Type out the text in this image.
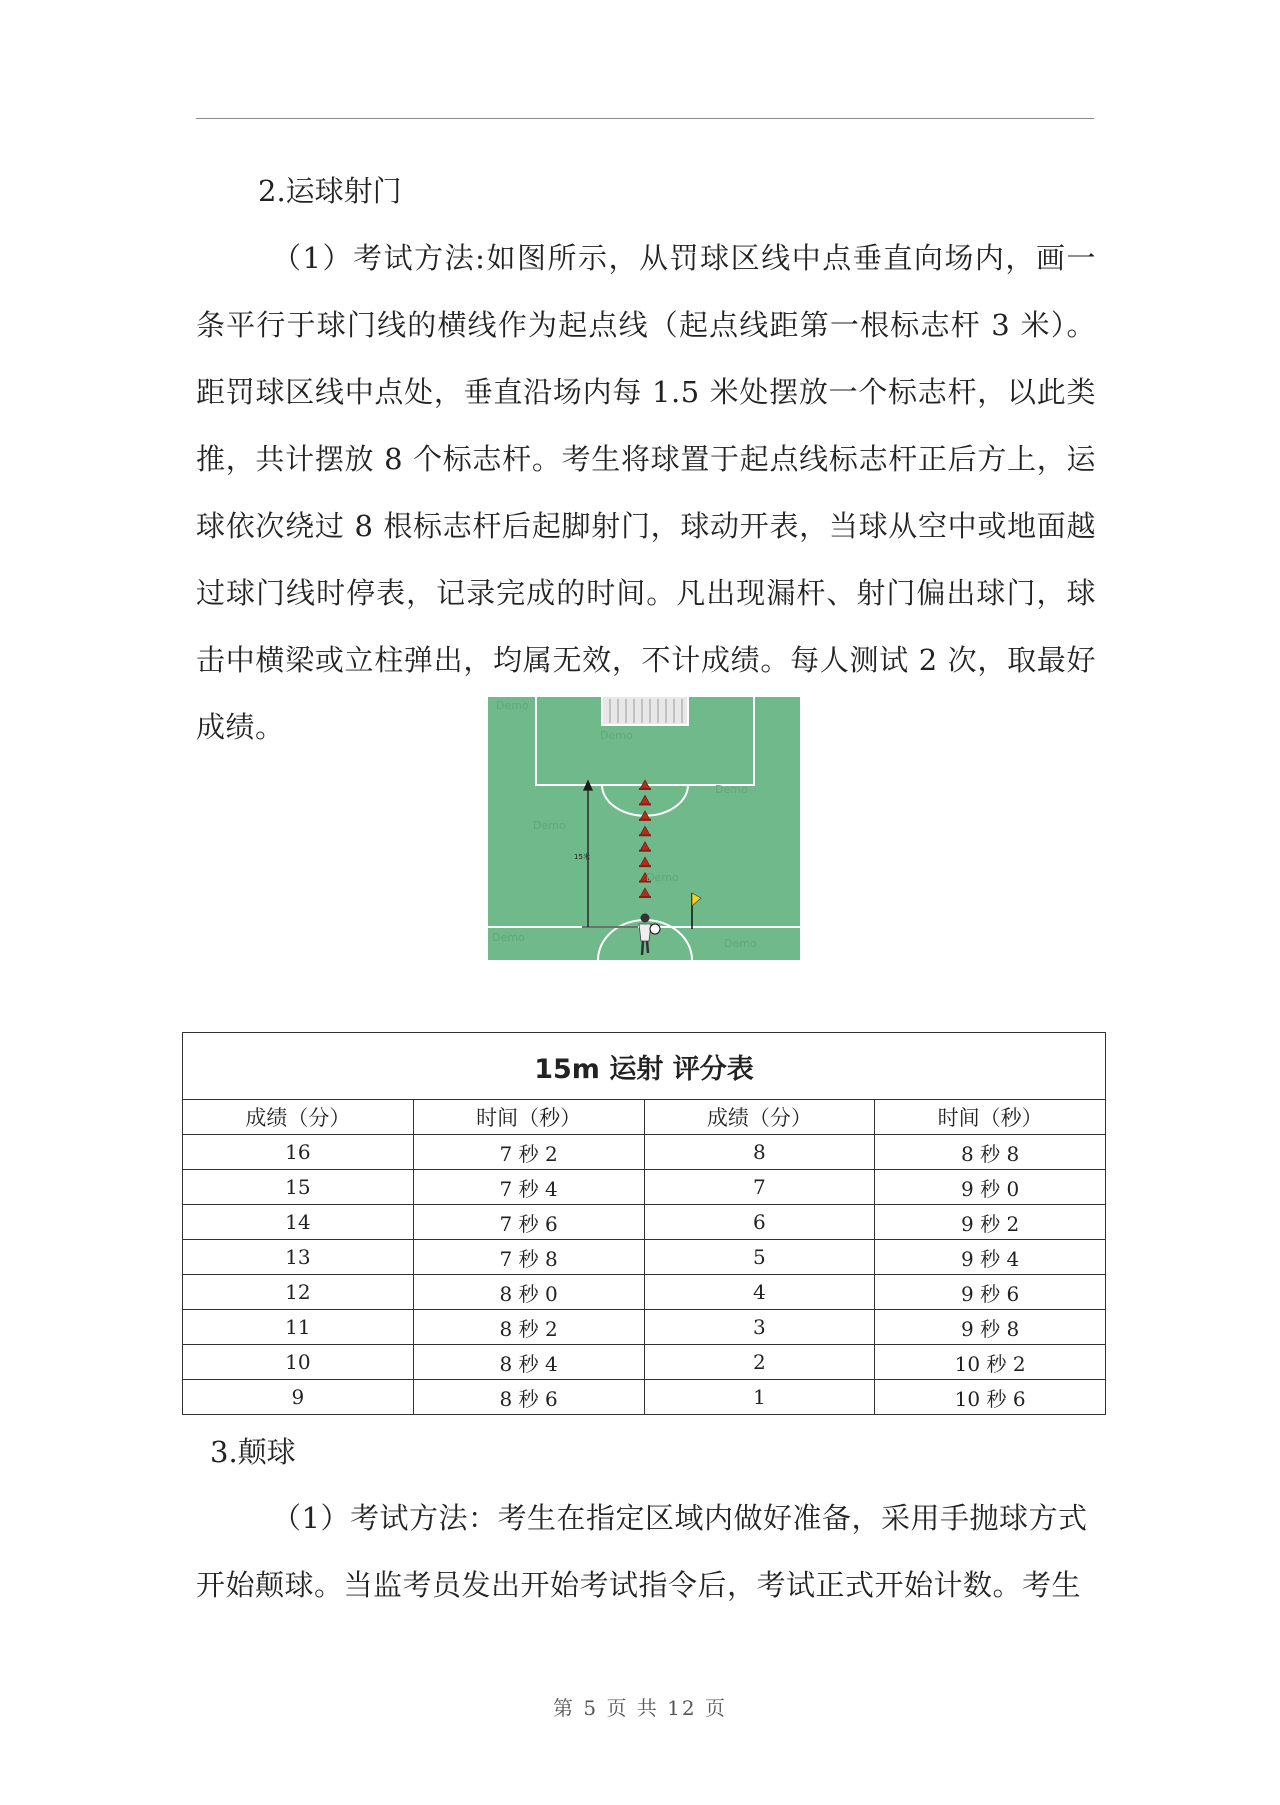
2.运球射门
（1）考试方法:如图所示，从罚球区线中点垂直向场内，画一条平行于球门线的横线作为起点线（起点线距第一根标志杆 3 米）。距罚球区线中点处，垂直沿场内每 1.5 米处摆放一个标志杆，以此类推，共计摆放 8 个标志杆。考生将球置于起点线标志杆正后方上，运球依次绕过 8 根标志杆后起脚射门，球动开表，当球从空中或地面越过球门线时停表，记录完成的时间。凡出现漏杆、射门偏出球门，球击中横梁或立柱弹出，均属无效，不计成绩。每人测试 2 次，取最好成绩。
15米
Demo
Demo
Demo
Demo
Demo
Demo	Demo
15m 运射 评分表			
成绩（分）	时间（秒）	成绩（分）	时间（秒）
16	7 秒 2	8	8 秒 8
15	7 秒 4	7	9 秒 0
14	7 秒 6	6	9 秒 2
13	7 秒 8	5	9 秒 4
12	8 秒 0	4	9 秒 6
11	8 秒 2	3	9 秒 8
10	8 秒 4	2	10 秒 2
9	8 秒 6	1	10 秒 6
3.颠球
（1）考试方法：考生在指定区域内做好准备，采用手抛球方式开始颠球。当监考员发出开始考试指令后，考试正式开始计数。考生
第 5 页 共 12 页
